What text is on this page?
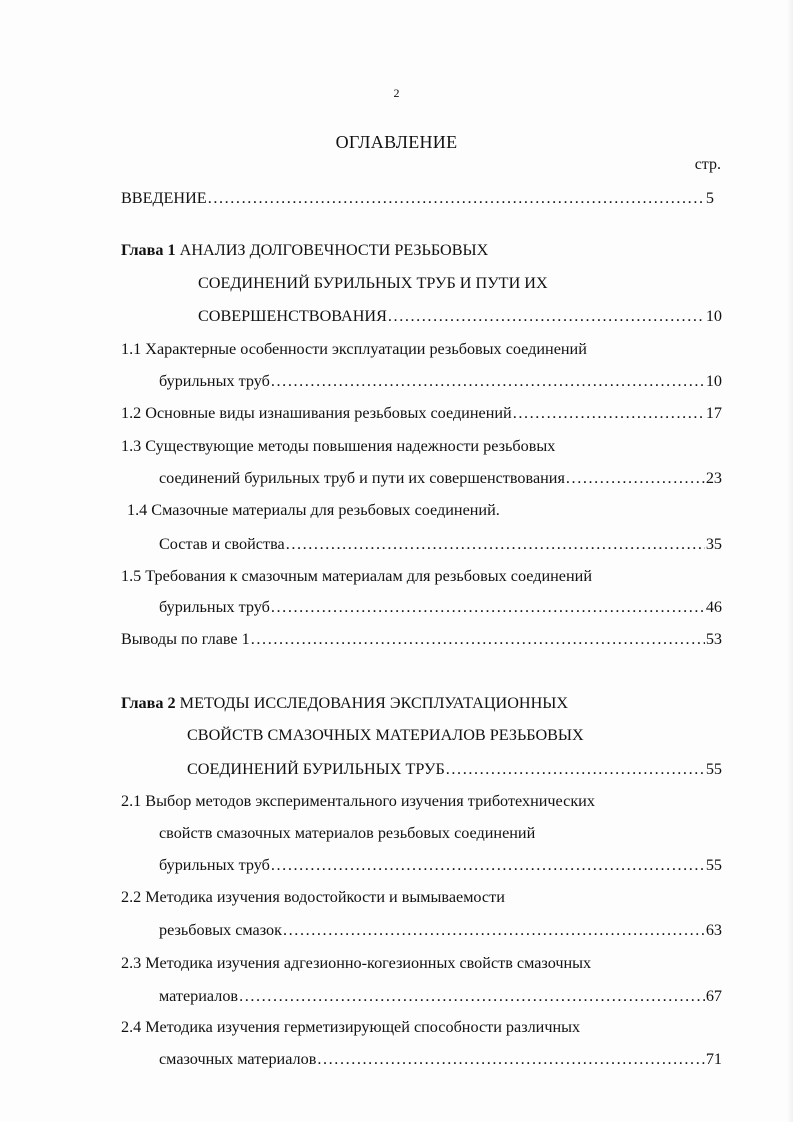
2
ОГЛАВЛЕНИЕ
стр.
ВВЕДЕНИЕ .....	5
Глава 1 АНАЛИЗ ДОЛГОВЕЧНОСТИ РЕЗЬБОВЫХ
СОЕДИНЕНИЙ БУРИЛЬНЫХ ТРУБ И ПУТИ ИХ
СОВЕРШЕНСТВОВАНИЯ .....	10
1.1 Характерные особенности эксплуатации резьбовых соединений
бурильных труб .....	10
1.2 Основные виды изнашивания резьбовых соединений .....	17
1.3 Существующие методы повышения надежности резьбовых
соединений бурильных труб и пути их совершенствования .....	23
1.4 Смазочные материалы для резьбовых соединений.
Состав и свойства .....	35
1.5 Требования к смазочным материалам для резьбовых соединений
бурильных труб .....	46
Выводы по главе 1 .....	53
Глава 2 МЕТОДЫ ИССЛЕДОВАНИЯ ЭКСПЛУАТАЦИОННЫХ
СВОЙСТВ СМАЗОЧНЫХ МАТЕРИАЛОВ РЕЗЬБОВЫХ
СОЕДИНЕНИЙ БУРИЛЬНЫХ ТРУБ .....	55
2.1 Выбор методов экспериментального изучения триботехнических
свойств смазочных материалов резьбовых соединений
бурильных труб .....	55
2.2 Методика изучения водостойкости и вымываемости
резьбовых смазок .....	63
2.3 Методика изучения адгезионно-когезионных свойств смазочных
материалов .....	67
2.4 Методика изучения герметизирующей способности различных
смазочных материалов .....	71
